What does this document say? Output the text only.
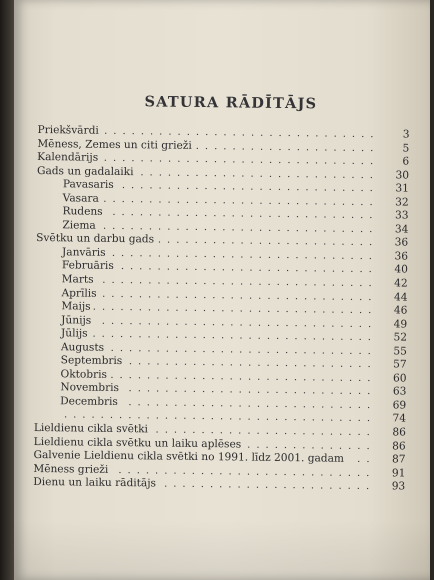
SATURA RĀDĪTĀJS
Priekšvārdi ..............................	3
Mēness, Zemes un citi grieži ....................	5
Kalendārijs ..............................	6
Gads un gadalaiki ..........................	30
Pavasaris ............................	31
Vasara ..............................	32
Rudens .............................	33
Ziema ..............................	34
Svētku un darbu gads ........................	36
Janvāris .............................	36
Februāris ............................	40
Marts ..............................	42
Aprīlis ..............................	44
Maijs ...............................	46
Jūnijs ..............................	49
Jūlijs ...............................	52
Augusts .............................	55
Septembris ...........................	57
Oktobris .............................	60
Novembris ...........................	63
Decembris ...........................	69
..................................	74
Lieldienu cikla svētki ........................	86
Lieldienu cikla svētku un laiku aplēses ..............	86
Galvenie Lieldienu cikla svētki no 1991. līdz 2001. gadam ..	87
Mēness grieži ............................	91
Dienu un laiku rāditājs .......................	93
